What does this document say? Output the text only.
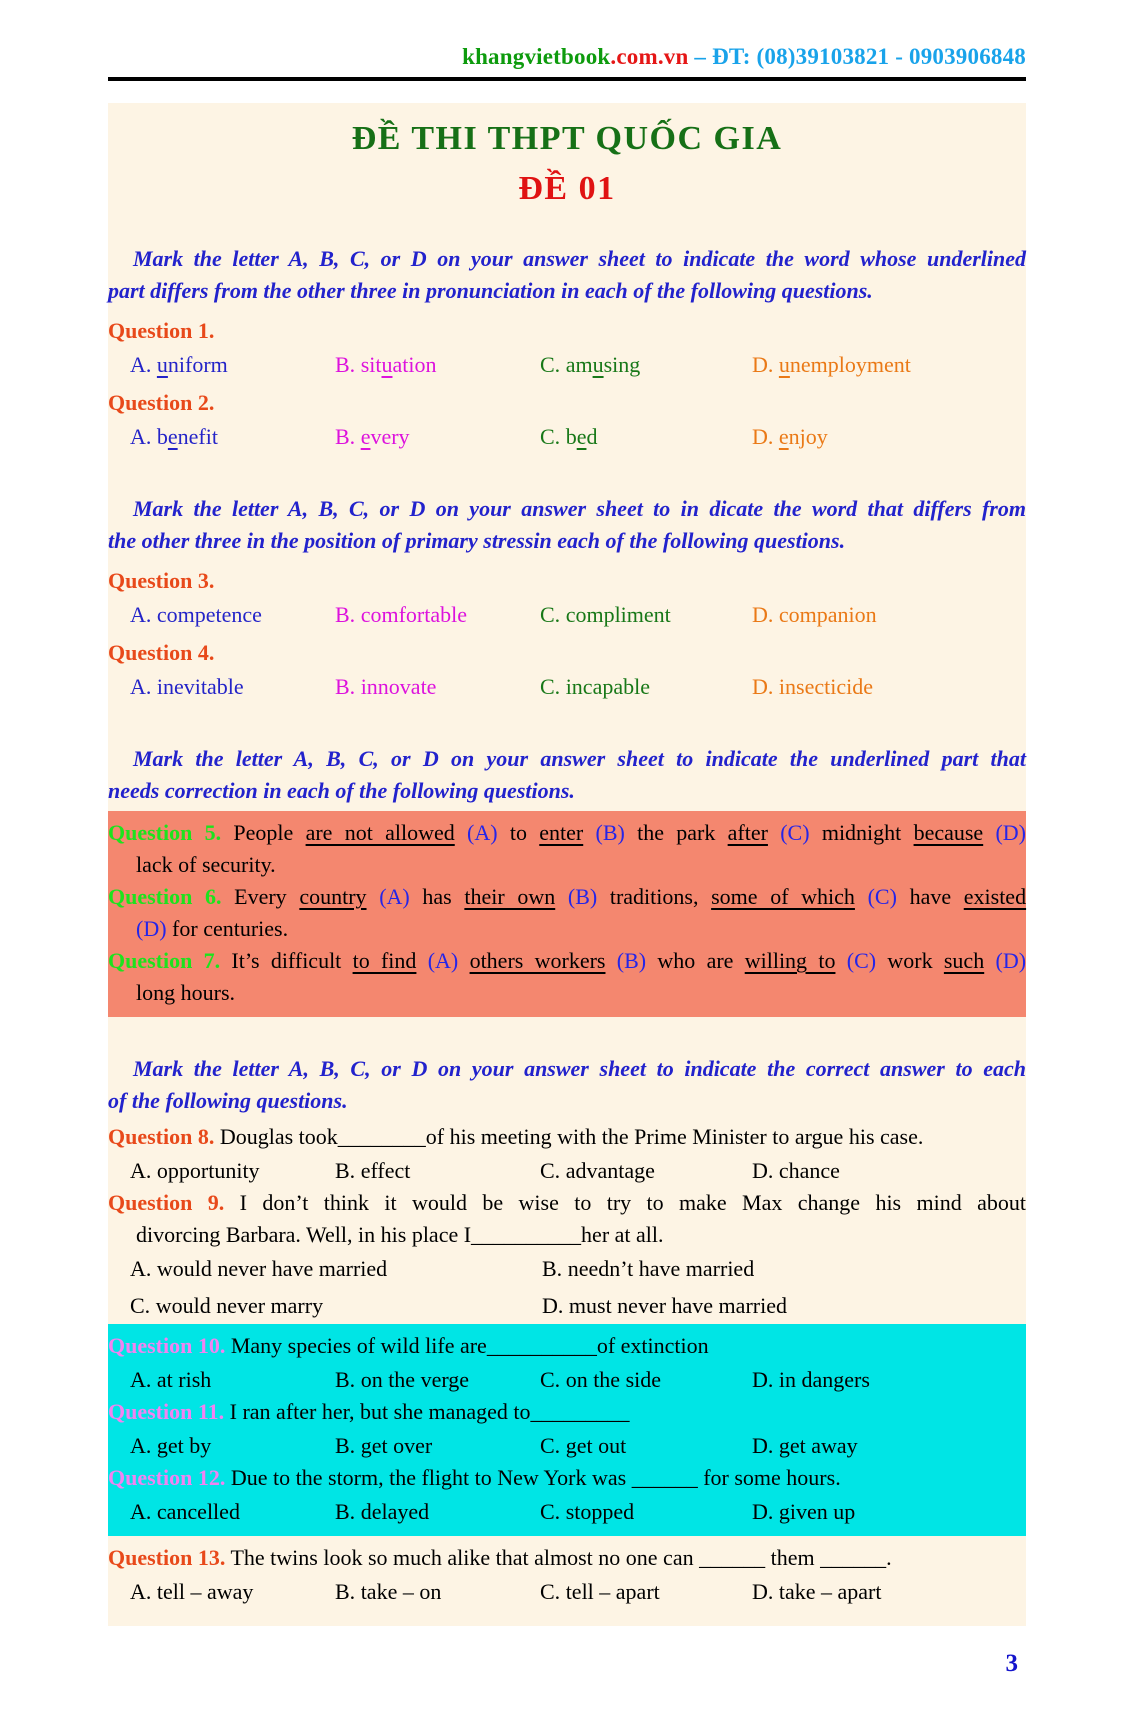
khangvietbook.com.vn – ĐT: (08)39103821 - 0903906848
ĐỀ THI THPT QUỐC GIA
ĐỀ 01
Mark the letter A, B, C, or D on your answer sheet to indicate the word whose underlined
part differs from the other three in pronunciation in each of the following questions.
Question 1.
A. uniform	B. situation	C. amusing	D. unemployment
Question 2.
A. benefit	B. every	C. bed	D. enjoy
Mark the letter A, B, C, or D on your answer sheet to in dicate the word that differs from
the other three in the position of primary stressin each of the following questions.
Question 3.
A. competence	B. comfortable	C. compliment	D. companion
Question 4.
A. inevitable	B. innovate	C. incapable	D. insecticide
Mark the letter A, B, C, or D on your answer sheet to indicate the underlined part that
needs correction in each of the following questions.
Question 5. People are not allowed (A) to enter (B) the park after (C) midnight because (D)
lack of security.
Question 6. Every country (A) has their own (B) traditions, some of which (C) have existed
(D) for centuries.
Question 7. It’s difficult to find (A) others workers (B) who are willing to (C) work such (D)
long hours.
Mark the letter A, B, C, or D on your answer sheet to indicate the correct answer to each
of the following questions.
Question 8. Douglas took________of his meeting with the Prime Minister to argue his case.
A. opportunity	B. effect	C. advantage	D. chance
Question 9. I don’t think it would be wise to try to make Max change his mind about
divorcing Barbara. Well, in his place I__________her at all.
A. would never have married	B. needn’t have married
C. would never marry	D. must never have married
Question 10. Many species of wild life are__________of extinction
A. at rish	B. on the verge	C. on the side	D. in dangers
Question 11. I ran after her, but she managed to_________
A. get by	B. get over	C. get out	D. get away
Question 12. Due to the storm, the flight to New York was ______ for some hours.
A. cancelled	B. delayed	C. stopped	D. given up
Question 13. The twins look so much alike that almost no one can ______ them ______.
A. tell – away	B. take – on	C. tell – apart	D. take – apart
3
